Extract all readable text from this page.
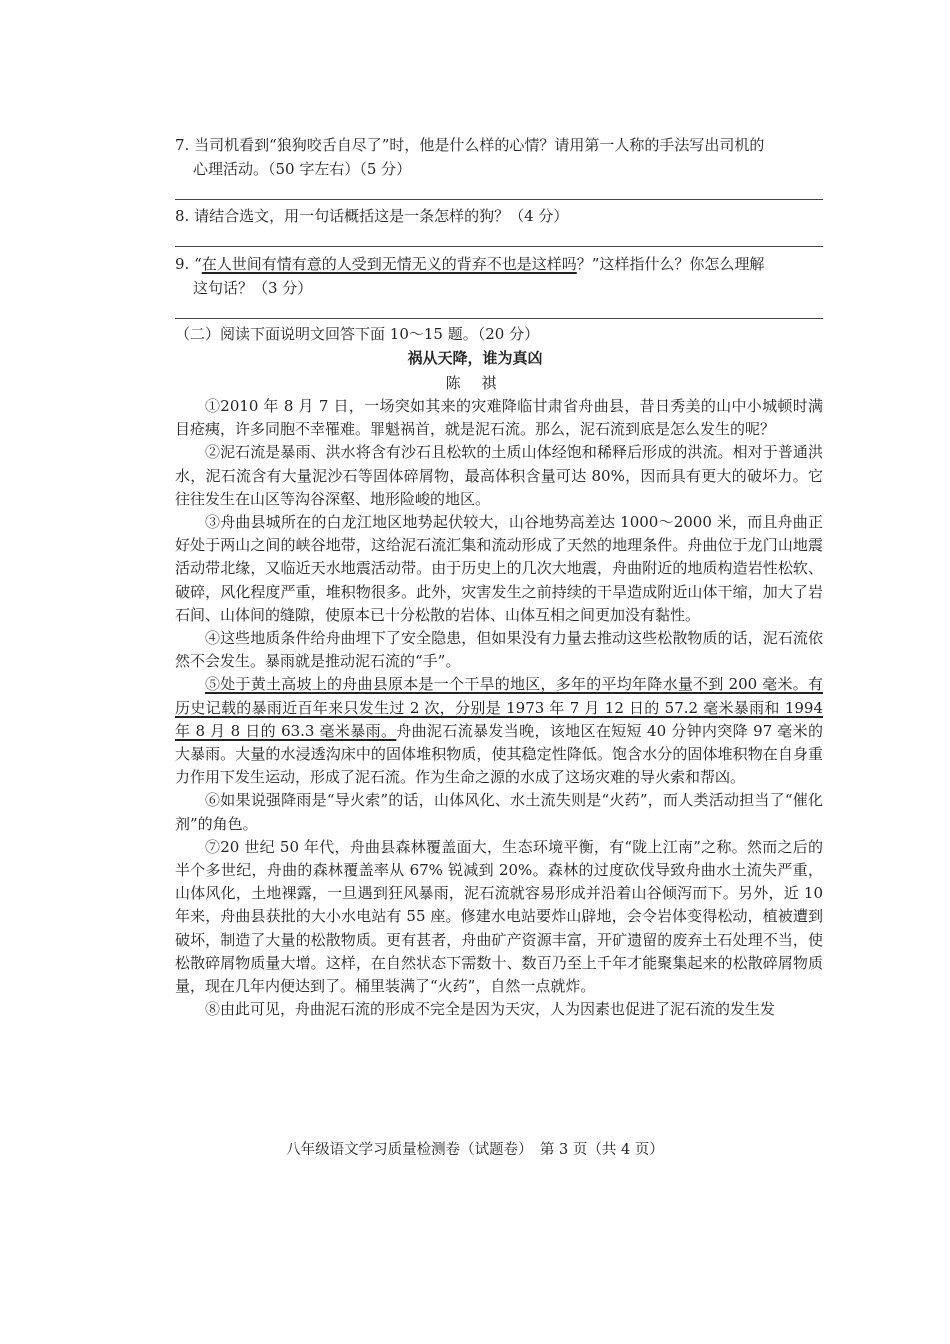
7. 当司机看到“狼狗咬舌自尽了”时，他是什么样的心情？请用第一人称的手法写出司机的
心理活动。（50 字左右）（5 分）
8. 请结合选文，用一句话概括这是一条怎样的狗？（4 分）
9. “在人世间有情有意的人受到无情无义的背弃不也是这样吗？”这样指什么？你怎么理解
这句话？（3 分）
（二）阅读下面说明文回答下面 10～15 题。（20 分）
祸从天降，谁为真凶
陈 祺

①2010 年 8 月 7 日，一场突如其来的灾难降临甘肃省舟曲县，昔日秀美的山中小城顿时满目疮痍，许多同胞不幸罹难。罪魁祸首，就是泥石流。那么，泥石流到底是怎么发生的呢？

②泥石流是暴雨、洪水将含有沙石且松软的土质山体经饱和稀释后形成的洪流。相对于普通洪水，泥石流含有大量泥沙石等固体碎屑物，最高体积含量可达 80%，因而具有更大的破坏力。它往往发生在山区等沟谷深壑、地形险峻的地区。

③舟曲县城所在的白龙江地区地势起伏较大，山谷地势高差达 1000～2000 米，而且舟曲正好处于两山之间的峡谷地带，这给泥石流汇集和流动形成了天然的地理条件。舟曲位于龙门山地震活动带北缘，又临近天水地震活动带。由于历史上的几次大地震，舟曲附近的地质构造岩性松软、破碎，风化程度严重，堆积物很多。此外，灾害发生之前持续的干旱造成附近山体干缩，加大了岩石间、山体间的缝隙，使原本已十分松散的岩体、山体互相之间更加没有黏性。

④这些地质条件给舟曲埋下了安全隐患，但如果没有力量去推动这些松散物质的话，泥石流依然不会发生。暴雨就是推动泥石流的“手”。

⑤处于黄土高坡上的舟曲县原本是一个干旱的地区，多年的平均年降水量不到 200 毫米。有历史记载的暴雨近百年来只发生过 2 次，分别是 1973 年 7 月 12 日的 57.2 毫米暴雨和 1994 年 8 月 8 日的 63.3 毫米暴雨。舟曲泥石流暴发当晚，该地区在短短 40 分钟内突降 97 毫米的大暴雨。大量的水浸透沟床中的固体堆积物质，使其稳定性降低。饱含水分的固体堆积物在自身重力作用下发生运动，形成了泥石流。作为生命之源的水成了这场灾难的导火索和帮凶。

⑥如果说强降雨是“导火索”的话，山体风化、水土流失则是“火药”，而人类活动担当了“催化剂”的角色。

⑦20 世纪 50 年代，舟曲县森林覆盖面大，生态环境平衡，有“陇上江南”之称。然而之后的半个多世纪，舟曲的森林覆盖率从 67% 锐减到 20%。森林的过度砍伐导致舟曲水土流失严重，山体风化，土地裸露，一旦遇到狂风暴雨，泥石流就容易形成并沿着山谷倾泻而下。另外，近 10 年来，舟曲县获批的大小水电站有 55 座。修建水电站要炸山辟地，会令岩体变得松动，植被遭到破坏，制造了大量的松散物质。更有甚者，舟曲矿产资源丰富，开矿遗留的废弃土石处理不当，使松散碎屑物质量大增。这样，在自然状态下需数十、数百乃至上千年才能聚集起来的松散碎屑物质量，现在几年内便达到了。桶里装满了“火药”，自然一点就炸。

⑧由此可见，舟曲泥石流的形成不完全是因为天灾，人为因素也促进了泥石流的发生发

八年级语文学习质量检测卷（试题卷）　第 3 页（共 4 页）
